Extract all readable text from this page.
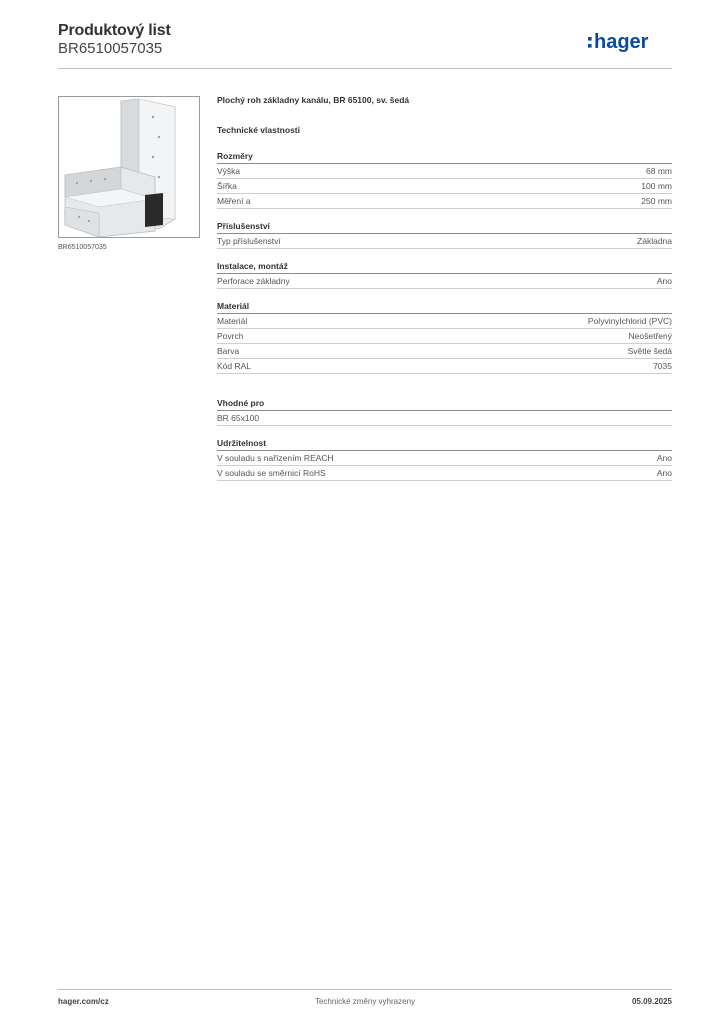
Produktový list
BR6510057035	hager
BR6510057035
Plochý roh základny kanálu, BR 65100, sv. šedá
Technické vlastnosti
Rozměry
Výška	68 mm
Šířka	100 mm
Měření a	250 mm
Příslušenství
Typ příslušenství	Základna
Instalace, montáž
Perforace základny	Ano
Materiál
Materiál	Polyvinylchlorid (PVC)
Povrch	Neošetřený
Barva	Světle šedá
Kód RAL	7035
Vhodné pro
BR 65x100
Udržitelnost
V souladu s nařízením REACH	Ano
V souladu se směrnicí RoHS	Ano
hager.com/cz	Technické změny vyhrazeny	05.09.2025
